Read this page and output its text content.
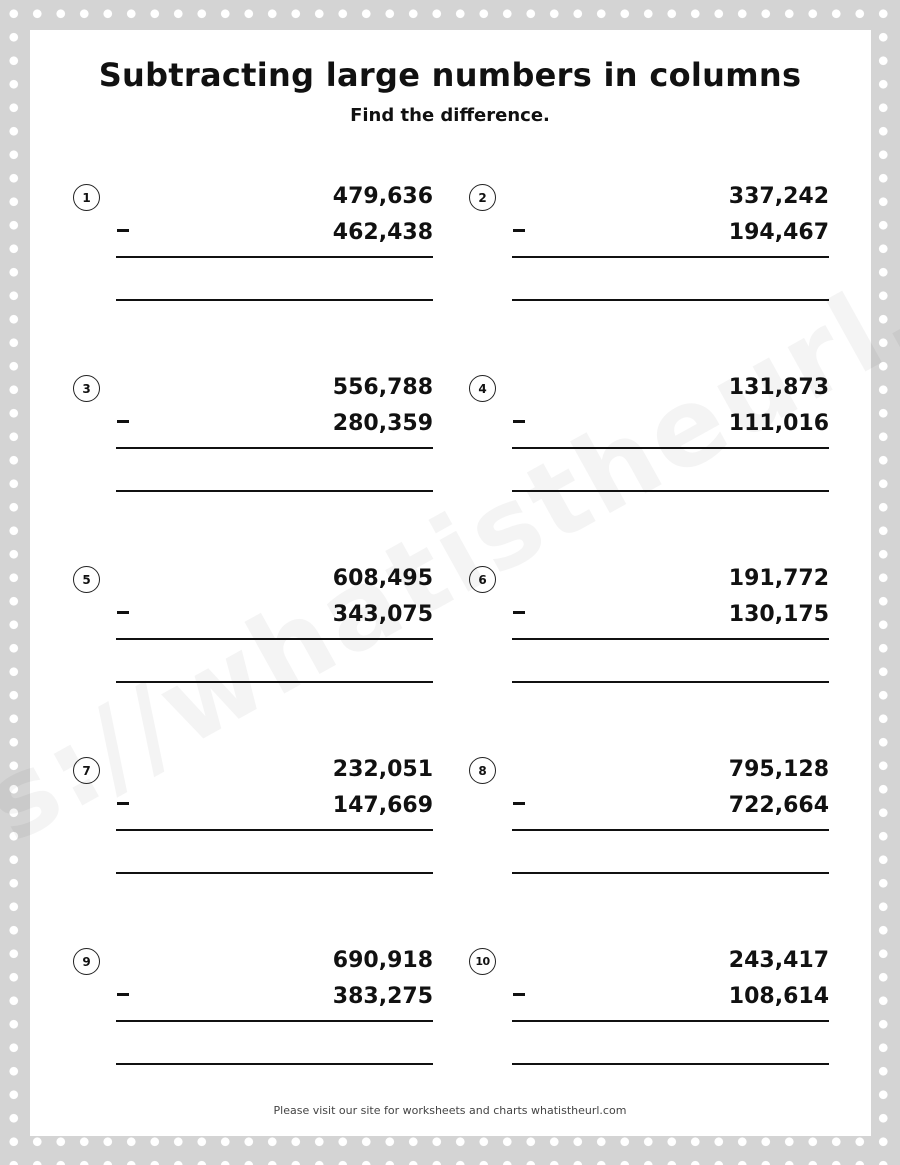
Subtracting large numbers in columns
Find the difference.
1	479,636
462,438
2	337,242
194,467
3	556,788
280,359
4	131,873
111,016
5	608,495
343,075
6	191,772
130,175
7	232,051
147,669
8	795,128
722,664
9	690,918
383,275
10	243,417
108,614
Please visit our site for worksheets and charts whatistheurl.com
